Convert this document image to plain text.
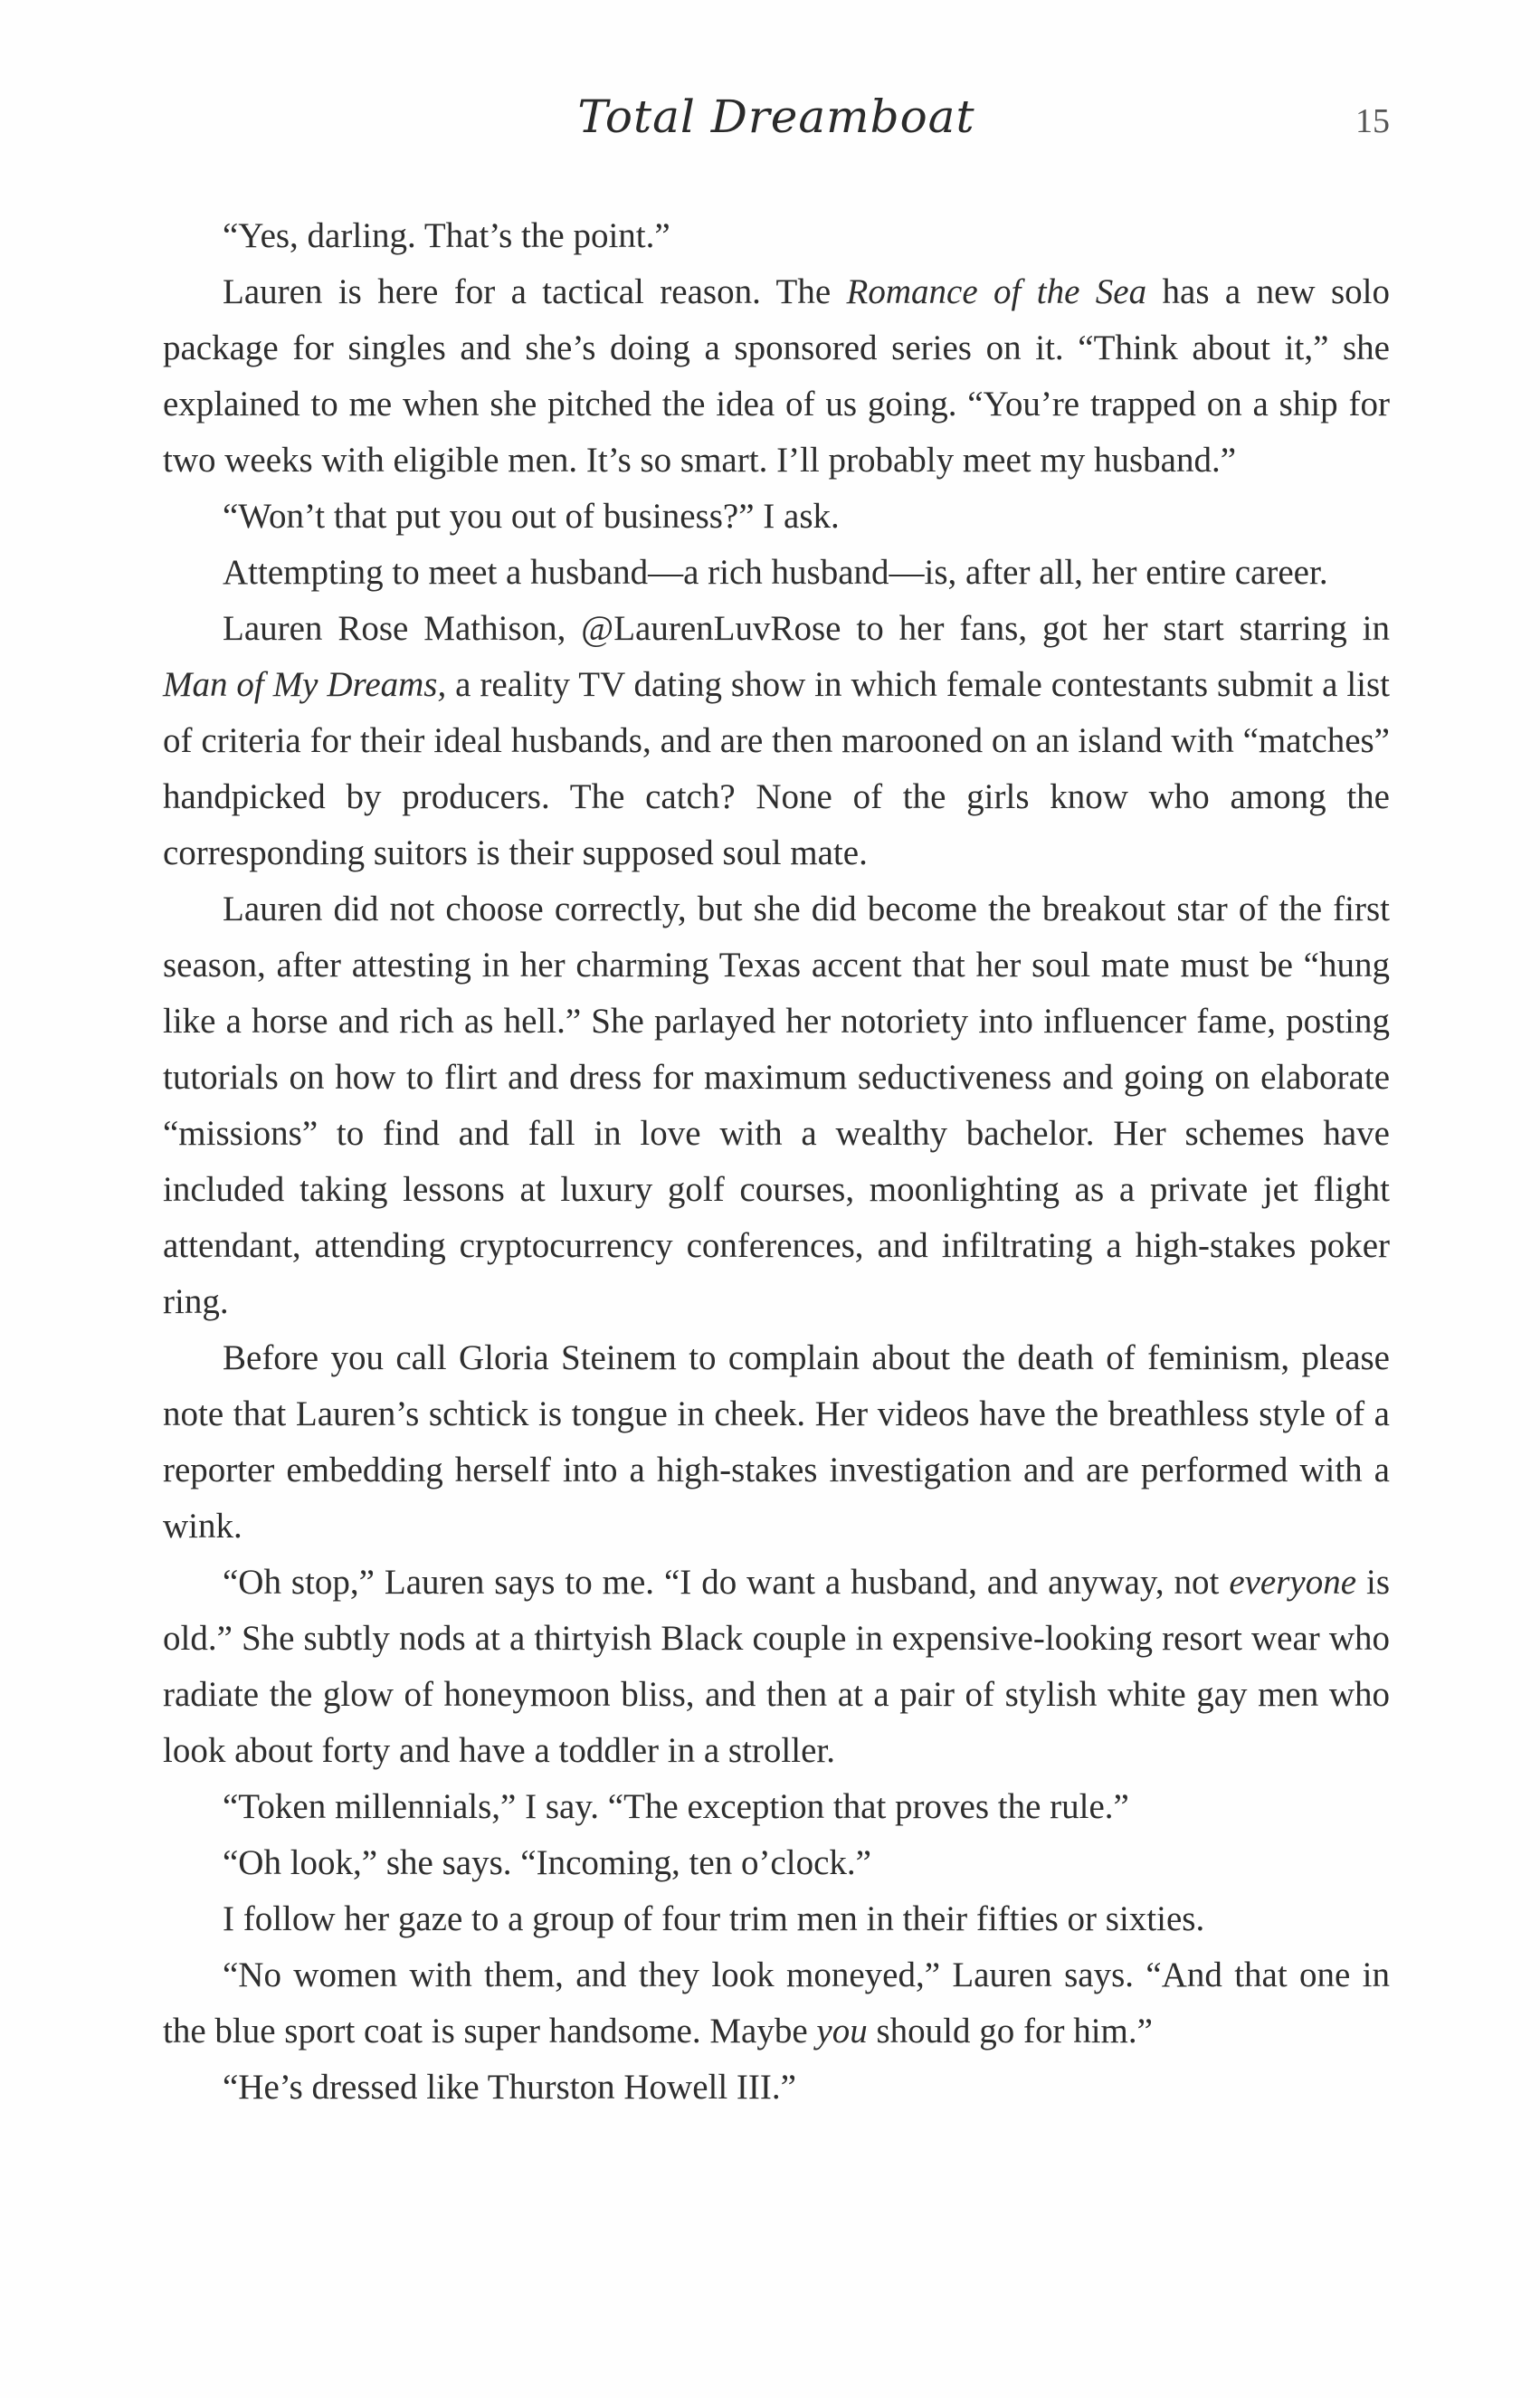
Total Dreamboat	15

“Yes, darling. That’s the point.”

Lauren is here for a tactical reason. The Romance of the Sea has a new solo package for singles and she’s doing a sponsored series on it. “Think about it,” she explained to me when she pitched the idea of us going. “You’re trapped on a ship for two weeks with eligible men. It’s so smart. I’ll probably meet my husband.”

“Won’t that put you out of business?” I ask.

Attempting to meet a husband—a rich husband—is, after all, her entire career.

Lauren Rose Mathison, @LaurenLuvRose to her fans, got her start starring in Man of My Dreams, a reality TV dating show in which female contestants submit a list of criteria for their ideal husbands, and are then marooned on an island with “matches” handpicked by producers. The catch? None of the girls know who among the corresponding suitors is their supposed soul mate.

Lauren did not choose correctly, but she did become the breakout star of the first season, after attesting in her charming Texas accent that her soul mate must be “hung like a horse and rich as hell.” She parlayed her notoriety into influencer fame, posting tutorials on how to flirt and dress for maximum seductiveness and going on elaborate “missions” to find and fall in love with a wealthy bachelor. Her schemes have included taking lessons at luxury golf courses, moonlighting as a private jet flight attendant, attending cryptocurrency conferences, and infiltrating a high-stakes poker ring.

Before you call Gloria Steinem to complain about the death of feminism, please note that Lauren’s schtick is tongue in cheek. Her videos have the breathless style of a reporter embedding herself into a high-stakes investigation and are performed with a wink.

“Oh stop,” Lauren says to me. “I do want a husband, and anyway, not everyone is old.” She subtly nods at a thirtyish Black couple in expensive-looking resort wear who radiate the glow of honeymoon bliss, and then at a pair of stylish white gay men who look about forty and have a toddler in a stroller.

“Token millennials,” I say. “The exception that proves the rule.”

“Oh look,” she says. “Incoming, ten o’clock.”

I follow her gaze to a group of four trim men in their fifties or sixties.

“No women with them, and they look moneyed,” Lauren says. “And that one in the blue sport coat is super handsome. Maybe you should go for him.”

“He’s dressed like Thurston Howell III.”
